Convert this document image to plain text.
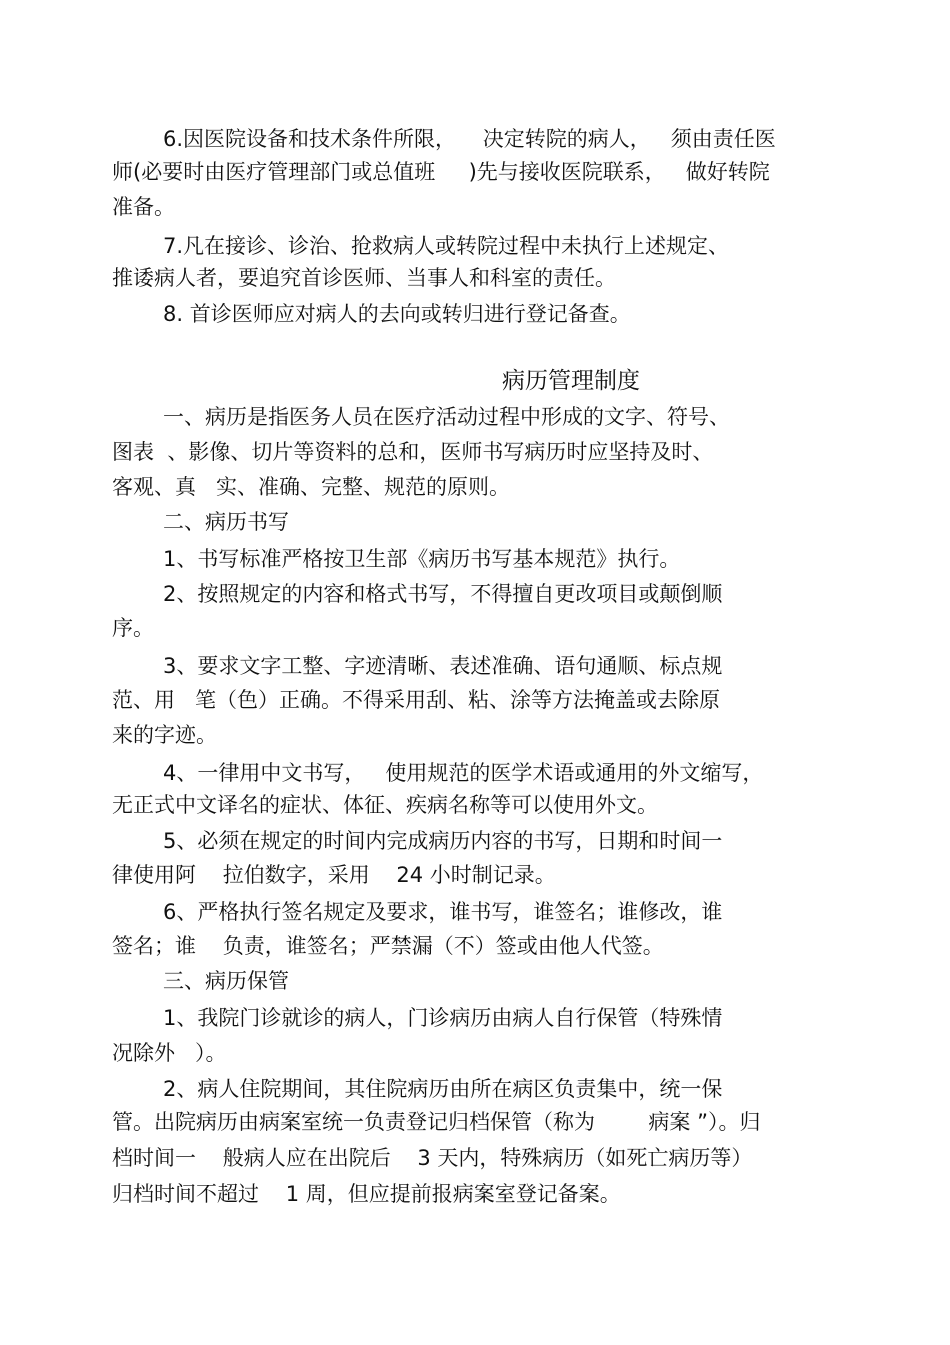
6.因医院设备和技术条件所限，    决定转院的病人，   须由责任医

师(必要时由医疗管理部门或总值班     )先与接收医院联系，   做好转院

准备。

7.凡在接诊、诊治、抢救病人或转院过程中未执行上述规定、

推诿病人者，要追究首诊医师、当事人和科室的责任。

8. 首诊医师应对病人的去向或转归进行登记备查。

病历管理制度

一、病历是指医务人员在医疗活动过程中形成的文字、符号、

图表  、影像、切片等资料的总和，医师书写病历时应坚持及时、

客观、真   实、准确、完整、规范的原则。

二、病历书写

1、书写标准严格按卫生部《病历书写基本规范》执行。

2、按照规定的内容和格式书写，不得擅自更改项目或颠倒顺

序。

3、要求文字工整、字迹清晰、表述准确、语句通顺、标点规

范、用   笔（色）正确。不得采用刮、粘、涂等方法掩盖或去除原

来的字迹。

4、一律用中文书写，   使用规范的医学术语或通用的外文缩写，

无正式中文译名的症状、体征、疾病名称等可以使用外文。

5、必须在规定的时间内完成病历内容的书写，日期和时间一

律使用阿    拉伯数字，采用    24 小时制记录。

6、严格执行签名规定及要求，谁书写，谁签名；谁修改，谁

签名；谁    负责，谁签名；严禁漏（不）签或由他人代签。

三、病历保管

1、我院门诊就诊的病人，门诊病历由病人自行保管（特殊情

况除外   ）。

2、病人住院期间，其住院病历由所在病区负责集中，统一保

管。出院病历由病案室统一负责登记归档保管（称为        病案 ”）。归

档时间一    般病人应在出院后    3 天内，特殊病历（如死亡病历等）

归档时间不超过    1 周，但应提前报病案室登记备案。
